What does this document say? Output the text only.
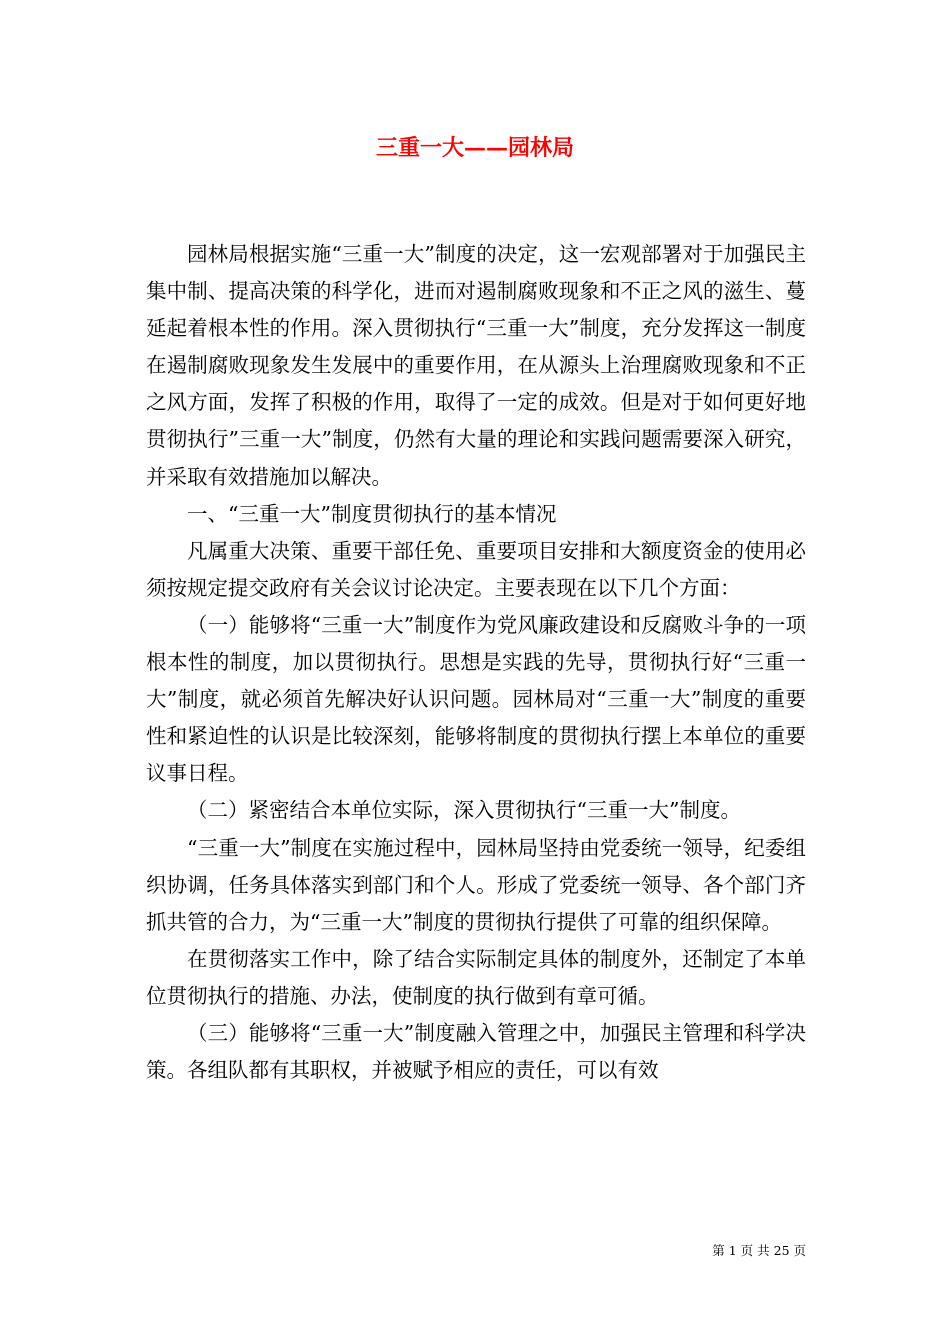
三重一大——园林局

园林局根据实施“三重一大”制度的决定，这一宏观部署对于加强民主集中制、提高决策的科学化，进而对遏制腐败现象和不正之风的滋生、蔓延起着根本性的作用。深入贯彻执行“三重一大”制度，充分发挥这一制度在遏制腐败现象发生发展中的重要作用，在从源头上治理腐败现象和不正之风方面，发挥了积极的作用，取得了一定的成效。但是对于如何更好地贯彻执行”三重一大”制度，仍然有大量的理论和实践问题需要深入研究，并采取有效措施加以解决。

一、“三重一大”制度贯彻执行的基本情况

凡属重大决策、重要干部任免、重要项目安排和大额度资金的使用必须按规定提交政府有关会议讨论决定。主要表现在以下几个方面：

（一）能够将“三重一大”制度作为党风廉政建设和反腐败斗争的一项根本性的制度，加以贯彻执行。思想是实践的先导，贯彻执行好“三重一大”制度，就必须首先解决好认识问题。园林局对“三重一大”制度的重要性和紧迫性的认识是比较深刻，能够将制度的贯彻执行摆上本单位的重要议事日程。

（二）紧密结合本单位实际，深入贯彻执行“三重一大”制度。

“三重一大”制度在实施过程中，园林局坚持由党委统一领导，纪委组织协调，任务具体落实到部门和个人。形成了党委统一领导、各个部门齐抓共管的合力，为“三重一大”制度的贯彻执行提供了可靠的组织保障。

在贯彻落实工作中，除了结合实际制定具体的制度外，还制定了本单位贯彻执行的措施、办法，使制度的执行做到有章可循。

（三）能够将“三重一大”制度融入管理之中，加强民主管理和科学决策。各组队都有其职权，并被赋予相应的责任，可以有效

第 1 页 共 25 页
